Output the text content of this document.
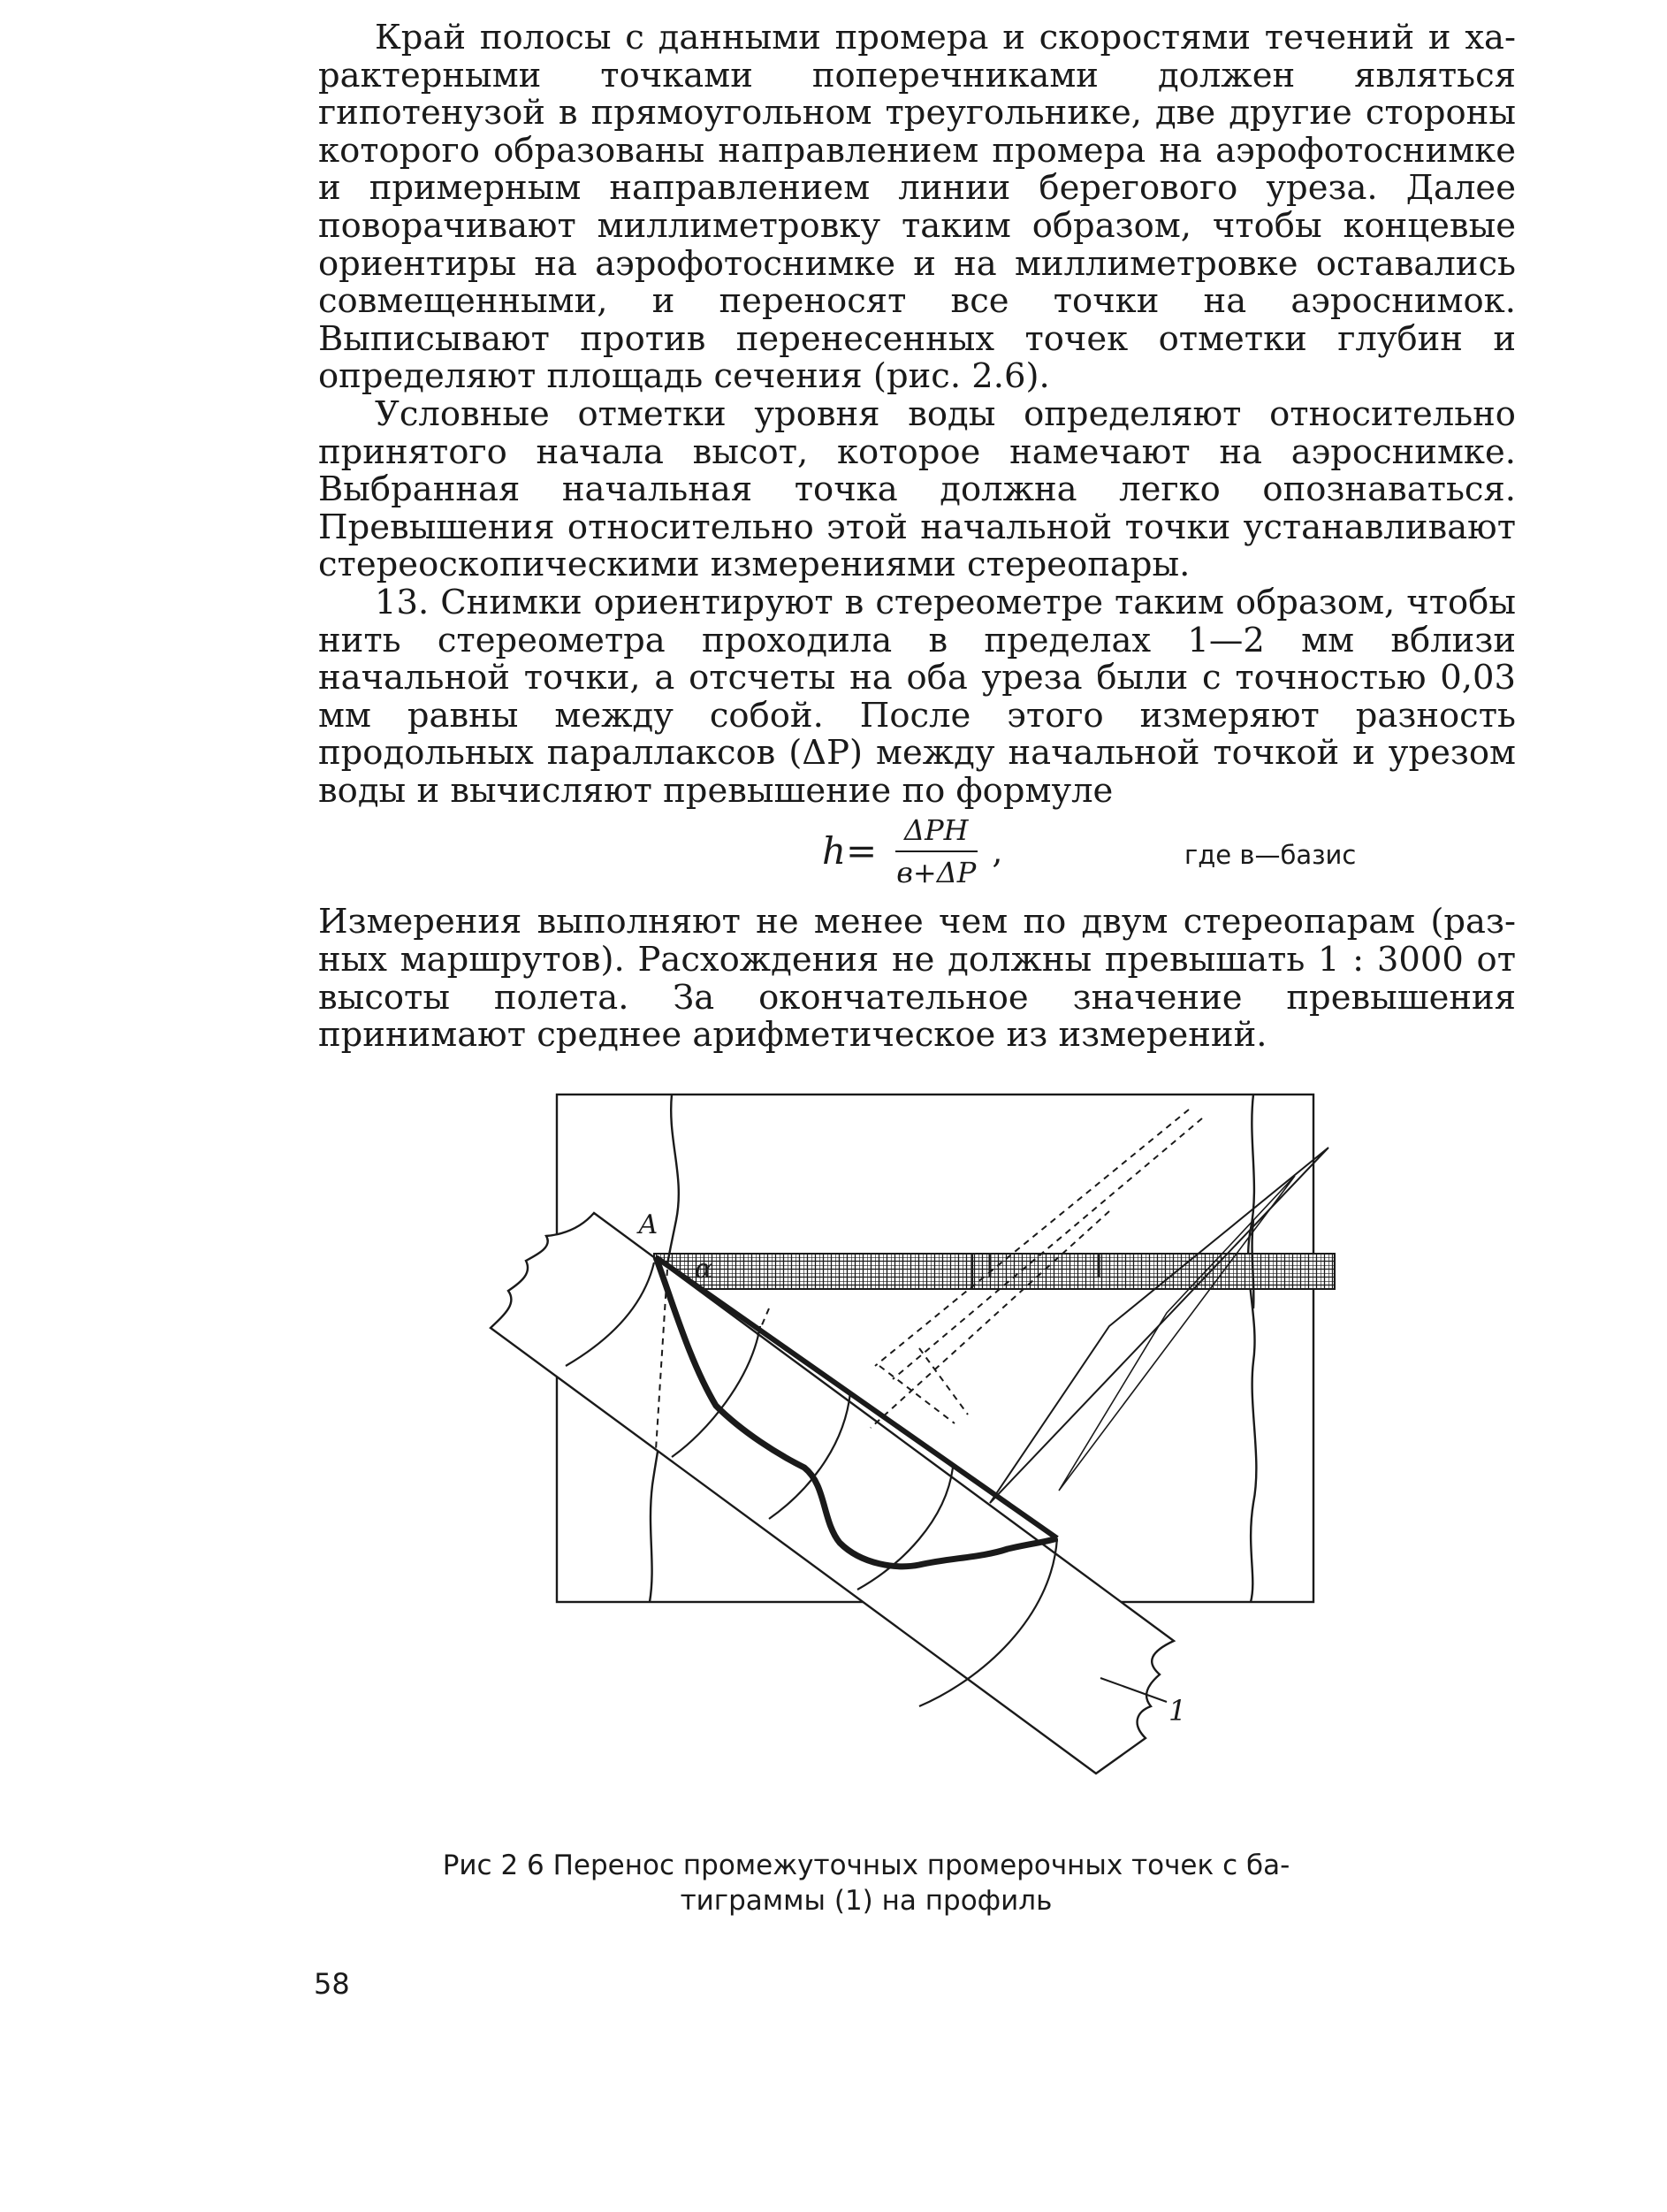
Край полосы с данными промера и скоростями течений и характерными точками поперечниками должен являться гипотенузой в прямоугольном треугольнике, две другие стороны которого образованы направлением промера на аэрофотоснимке и примерным направлением линии берегового уреза. Далее поворачивают миллиметровку таким образом, чтобы концевые ориентиры на аэрофотоснимке и на миллиметровке оставались совмещенными, и переносят все точки на аэроснимок. Выписывают против перенесенных точек отметки глубин и определяют площадь сечения (рис. 2.6).

Условные отметки уровня воды определяют относительно принятого начала высот, которое намечают на аэроснимке. Выбранная начальная точка должна легко опознаваться. Превышения относительно этой начальной точки устанавливают стереоскопическими измерениями стереопары.

13. Снимки ориентируют в стереометре таким образом, чтобы нить стереометра проходила в пределах 1—2 мм вблизи начальной точки, а отсчеты на оба уреза были с точностью 0,03 мм равны между собой. После этого измеряют разность продольных параллаксов (ΔP) между начальной точкой и урезом воды и вычисляют превышение по формуле

$h= \frac{\text{ΔPH}}{в+\Delta P}$ ,	где в—базис

Измерения выполняют не менее чем по двум стереопарам (разных маршрутов). Расхождения не должны превышать 1 : 3000 от высоты полета. За окончательное значение превышения принимают среднее арифметическое из измерений.

А
α
1
Рис 2 6 Перенос промежуточных промерочных точек с ба-
тиграммы (1) на профиль
58
